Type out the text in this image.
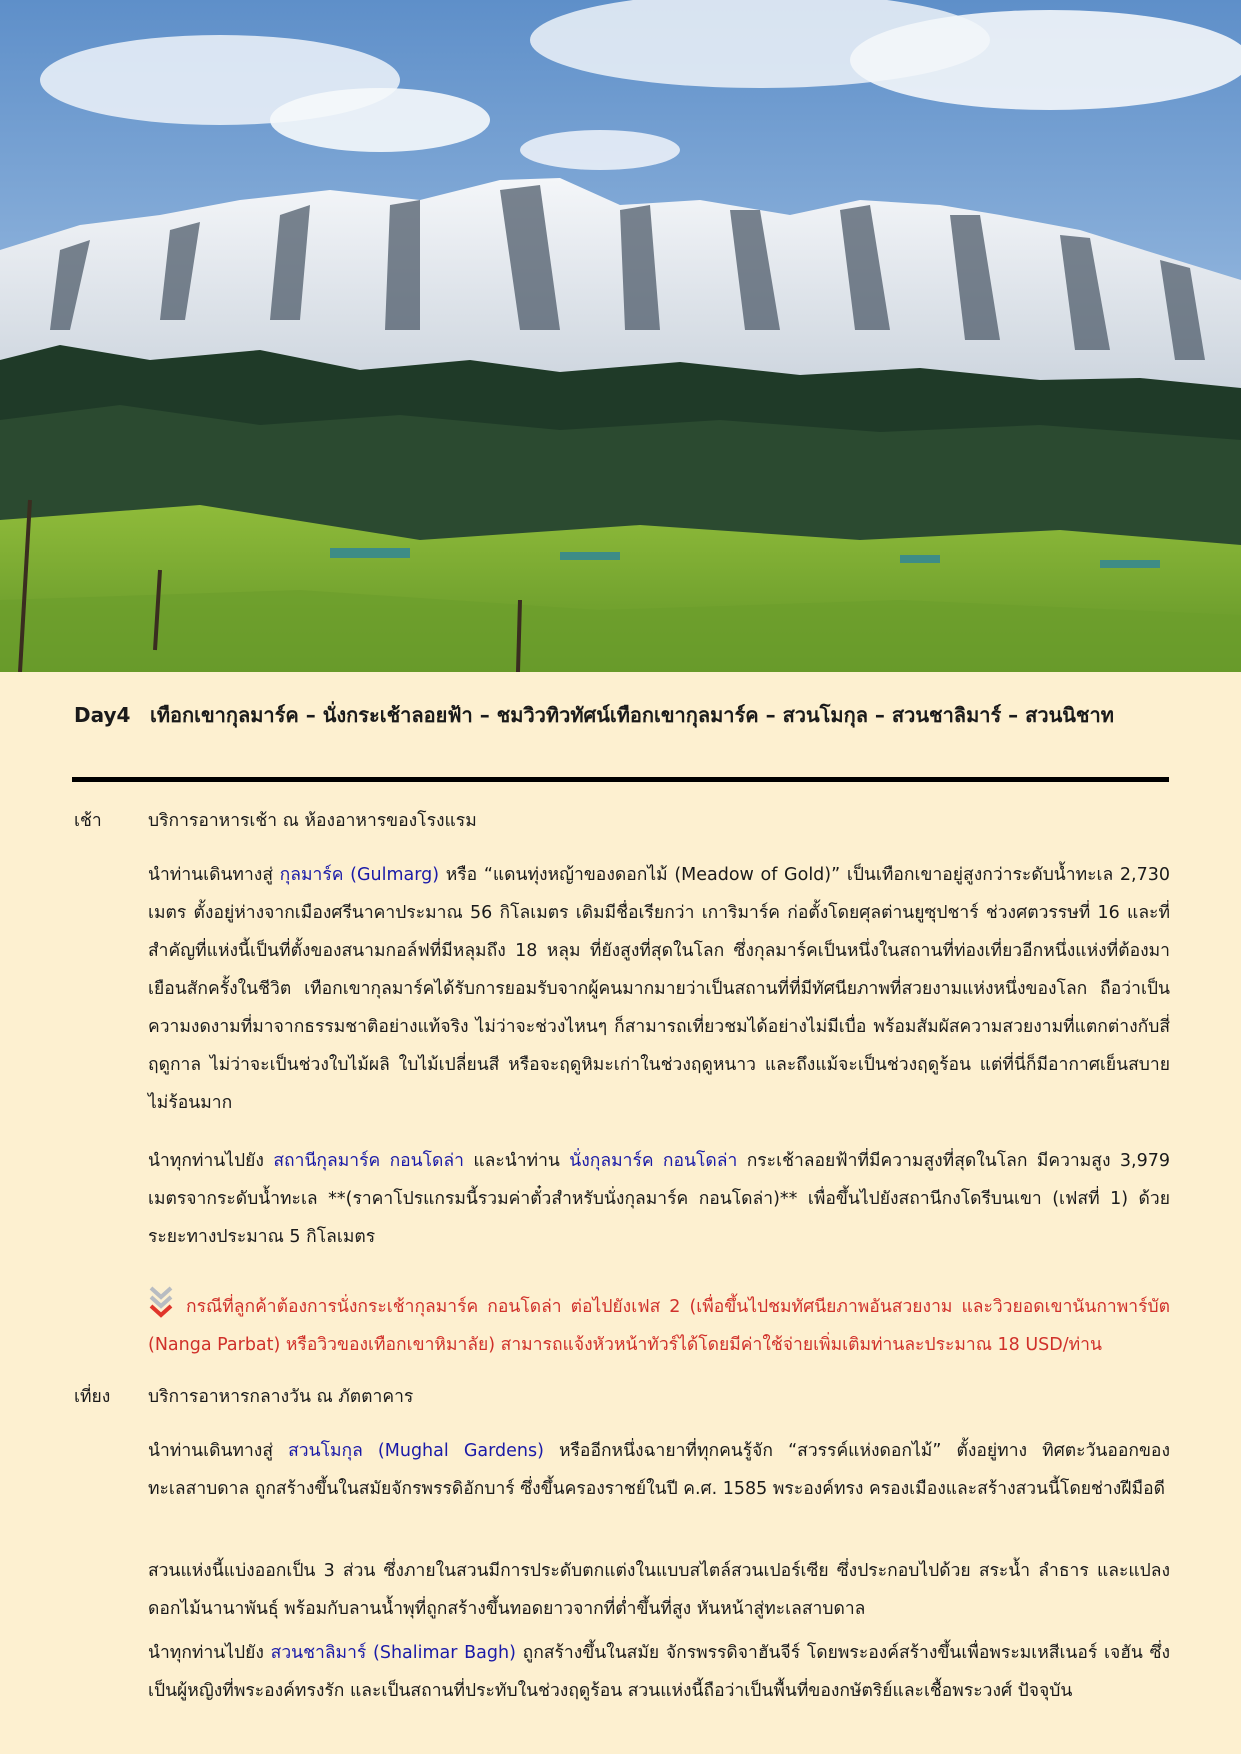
Day4 เทือกเขากุลมาร์ค – นั่งกระเช้าลอยฟ้า – ชมวิวทิวทัศน์เทือกเขากุลมาร์ค – สวนโมกุล – สวนชาลิมาร์ – สวนนิชาท
เช้า	บริการอาหารเช้า ณ ห้องอาหารของโรงแรม
นำท่านเดินทางสู่ กุลมาร์ค (Gulmarg) หรือ “แดนทุ่งหญ้าของดอกไม้ (Meadow of Gold)” เป็นเทือกเขาอยู่สูงกว่าระดับน้ำทะเล 2,730 เมตร ตั้งอยู่ห่างจากเมืองศรีนาคาประมาณ 56 กิโลเมตร เดิมมีชื่อเรียกว่า เการิมาร์ค ก่อตั้งโดยศุลต่านยูซุปชาร์ ช่วงศตวรรษที่ 16 และที่สำคัญที่แห่งนี้เป็นที่ตั้งของสนามกอล์ฟที่มีหลุมถึง 18 หลุม ที่ยังสูงที่สุดในโลก ซึ่งกุลมาร์คเป็นหนึ่งในสถานที่ท่องเที่ยวอีกหนึ่งแห่งที่ต้องมาเยือนสักครั้งในชีวิต เทือกเขากุลมาร์คได้รับการยอมรับจากผู้คนมากมายว่าเป็นสถานที่ที่มีทัศนียภาพที่สวยงามแห่งหนึ่งของโลก ถือว่าเป็นความงดงามที่มาจากธรรมชาติอย่างแท้จริง ไม่ว่าจะช่วงไหนๆ ก็สามารถเที่ยวชมได้อย่างไม่มีเบื่อ พร้อมสัมผัสความสวยงามที่แตกต่างกับสี่ฤดูกาล ไม่ว่าจะเป็นช่วงใบไม้ผลิ ใบไม้เปลี่ยนสี หรือจะฤดูหิมะเก่าในช่วงฤดูหนาว และถึงแม้จะเป็นช่วงฤดูร้อน แต่ที่นี่ก็มีอากาศเย็นสบายไม่ร้อนมาก
นำทุกท่านไปยัง สถานีกุลมาร์ค กอนโดล่า และนำท่าน นั่งกุลมาร์ค กอนโดล่า กระเช้าลอยฟ้าที่มีความสูงที่สุดในโลก มีความสูง 3,979 เมตรจากระดับน้ำทะเล **(ราคาโปรแกรมนี้รวมค่าตั๋วสำหรับนั่งกุลมาร์ค กอนโดล่า)** เพื่อขึ้นไปยังสถานีกงโดรีบนเขา (เฟสที่ 1) ด้วยระยะทางประมาณ 5 กิโลเมตร
กรณีที่ลูกค้าต้องการนั่งกระเช้ากุลมาร์ค กอนโดล่า ต่อไปยังเฟส 2 (เพื่อขึ้นไปชมทัศนียภาพอันสวยงาม และวิวยอดเขานันกาพาร์บัต (Nanga Parbat) หรือวิวของเทือกเขาหิมาลัย) สามารถแจ้งหัวหน้าทัวร์ได้โดยมีค่าใช้จ่ายเพิ่มเติมท่านละประมาณ 18 USD/ท่าน
เที่ยง บริการอาหารกลางวัน ณ ภัตตาคาร
นำท่านเดินทางสู่ สวนโมกุล (Mughal Gardens) หรืออีกหนึ่งฉายาที่ทุกคนรู้จัก “สวรรค์แห่งดอกไม้” ตั้งอยู่ทาง ทิศตะวันออกของทะเลสาบดาล ถูกสร้างขึ้นในสมัยจักรพรรดิอักบาร์ ซึ่งขึ้นครองราชย์ในปี ค.ศ. 1585 พระองค์ทรง ครองเมืองและสร้างสวนนี้โดยช่างฝีมือดี
สวนแห่งนี้แบ่งออกเป็น 3 ส่วน ซึ่งภายในสวนมีการประดับตกแต่งในแบบสไตล์สวนเปอร์เซีย ซึ่งประกอบไปด้วย สระน้ำ ลำธาร และแปลงดอกไม้นานาพันธุ์ พร้อมกับลานน้ำพุที่ถูกสร้างขึ้นทอดยาวจากที่ต่ำขึ้นที่สูง หันหน้าสู่ทะเลสาบดาล
นำทุกท่านไปยัง สวนชาลิมาร์ (Shalimar Bagh) ถูกสร้างขึ้นในสมัย จักรพรรดิจาฮันจีร์ โดยพระองค์สร้างขึ้นเพื่อพระมเหสีเนอร์ เจฮัน ซึ่งเป็นผู้หญิงที่พระองค์ทรงรัก และเป็นสถานที่ประทับในช่วงฤดูร้อน สวนแห่งนี้ถือว่าเป็นพื้นที่ของกษัตริย์และเชื้อพระวงศ์ ปัจจุบัน
